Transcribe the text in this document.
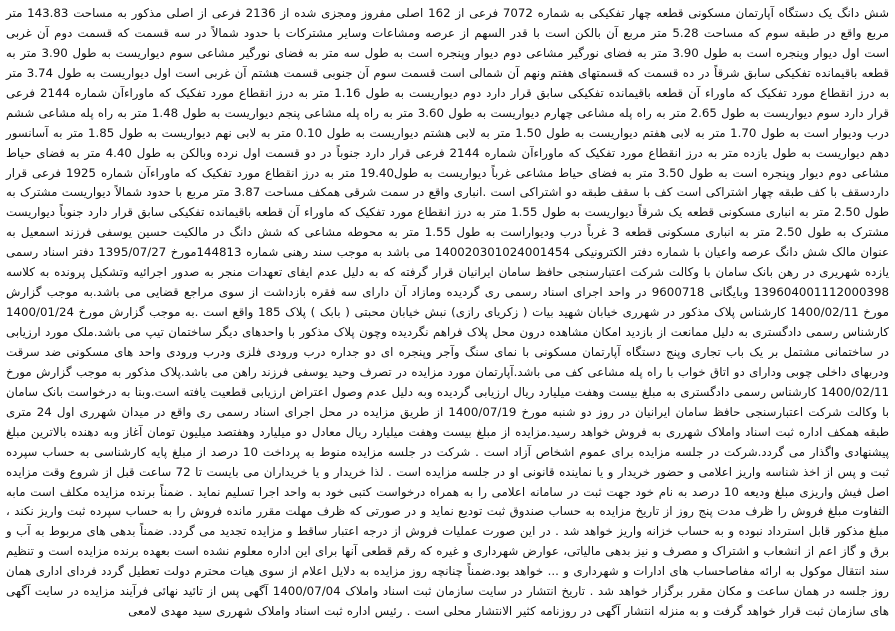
شش دانگ یک دستگاه آپارتمان مسکونی قطعه چهار تفکیکی به شماره 7072 فرعی از 162 اصلی مفروز ومجزی شده از 2136 فرعی از اصلی مذکور به مساحت 143.83 متر مربع واقع در طبقه سوم که مساحت 5.28 متر مربع آن بالکن است با قدر السهم از عرصه ومشاعات وسایر مشترکات با حدود شمالاً در سه قسمت که قسمت دوم آن غربی است اول دیوار وینجره است به طول 3.90 متر به فضای نورگیر مشاعی دوم دیوار وپنجره است به طول سه متر به فضای نورگیر مشاعی سوم دیواریست به طول 3.90 متر به قطعه باقیمانده تفکیکی سابق شرقاً در ده قسمت که قسمتهای هفتم ونهم آن شمالی است قسمت سوم آن جنوبی قسمت هشتم آن غربی است اول دیواریست به طول 3.74 متر به درز انقطاع مورد تفکیک که ماوراء آن قطعه باقیمانده تفکیکی سابق قرار دارد دوم دیواریست به طول 1.16 متر به درز انقطاع مورد تفکیک که ماوراءآن شماره 2144 فرعی قرار دارد سوم دیواریست به طول 2.65 متر به راه پله مشاعی چهارم دیواریست به طول 3.60 متر به راه پله مشاعی پنجم دیواریست به طول 1.48 متر به راه پله مشاعی ششم درب ودیوار است به طول 1.70 متر به لابی هفتم دیواریست به طول 1.50 متر به لابی هشتم دیواریست به طول 0.10 متر به لابی نهم دیواریست به طول 1.85 متر به آسانسور دهم دیواریست به طول یازده متر به درز انقطاع مورد تفکیک که ماوراءآن شماره 2144 فرعی قرار دارد جنوباً در دو قسمت اول نرده وبالکن به طول 4.40 متر به فضای حیاط مشاعی دوم دیوار وپنجره است به طول 3.50 متر به فضای حیاط مشاعی غرباً دیواریست به طول19.40 متر به درز انقطاع مورد تفکیک که ماوراءآن شماره 1925 فرعی قرار داردسقف با کف طبقه چهار اشتراکی است کف با سقف طبقه دو اشتراکی است .انباری واقع در سمت شرقی همکف مساحت 3.87 متر مربع با حدود شمالاً دیواریست مشترک به طول 2.50 متر به انباری مسکونی قطعه یک شرقاً دیواریست به طول 1.55 متر به درز انقطاع مورد تفکیک که ماوراء آن قطعه باقیمانده تفکیکی سابق قرار دارد جنوباً دیواریست مشترک به طول 2.50 متر به انباری مسکونی قطعه 3 غرباً درب ودیواراست به طول 1.55 متر به محوطه مشاعی که شش دانگ در مالکیت حسین یوسفی فرزند اسمعیل به عنوان مالک شش دانگ عرصه واعیان با شماره دفتر الکترونیکی 140020301024001454 می باشد به موجب سند رهنی شماره 144813مورخ 1395/07/27 دفتر اسناد رسمی یازده شهریری در رهن بانک سامان با وکالت شرکت اعتبارسنجی حافظ سامان ایرانیان قرار گرفته که به دلیل عدم ایفای تعهدات منجر به صدور اجرائیه وتشکیل پرونده به کلاسه 139604001112000398 وبایگانی 9600718 در واحد اجرای اسناد رسمی ری گردیده ومازاد آن دارای سه فقره بازداشت از سوی مراجع قضایی می باشد.به موجب گزارش مورخ 1400/02/11 کارشناس پلاک مذکور در شهرری خیابان شهید بیات ( زکریای رازی) نبش خیابان محبتی ( بابک ) پلاک 185 واقع است .به موجب گزارش مورخ 1400/01/24 کارشناس رسمی دادگستری به دلیل ممانعت از بازدید امکان مشاهده درون محل پلاک فراهم نگردیده وچون پلاک مذکور با واحدهای دیگر ساختمان تیپ می باشد.ملک مورد ارزیابی در ساختمانی مشتمل بر یک باب تجاری وپنج دستگاه آپارتمان مسکونی با نمای سنگ وآجر وپنجره ای دو جداره درب ورودی فلزی ودرب ورودی واحد های مسکونی ضد سرقت ودربهای داخلی چوبی ودارای دو اتاق خواب با راه پله مشاعی کف می باشد.آپارتمان مورد مزایده در تصرف وحید یوسفی فرزند راهن می باشد.پلاک مذکور به موجب گزارش مورخ 1400/02/11 کارشناس رسمی دادگستری به مبلغ بیست وهفت میلیارد ریال ارزیابی گردیده وبه دلیل عدم وصول اعتراض ارزیابی قطعیت یافته است.وبنا به درخواست بانک سامان با وکالت شرکت اعتبارسنجی حافظ سامان ایرانیان در روز دو شنبه مورخ 1400/07/19 از طریق مزایده در محل اجرای اسناد رسمی ری واقع در میدان شهرری اول 24 متری طبقه همکف اداره ثبت اسناد واملاک شهرری به فروش خواهد رسید.مزایده از مبلغ بیست وهفت میلیارد ریال معادل دو میلیارد وهفتصد میلیون تومان آغاز وبه دهنده بالاترین مبلغ پیشنهادی واگذار می گردد.شرکت در جلسه مزایده برای عموم اشخاص آزاد است . شرکت در جلسه مزایده منوط به پرداخت 10 درصد از مبلغ پایه کارشناسی به حساب سپرده ثبت و پس از اخذ شناسه واریز اعلامی و حضور خریدار و یا نماینده قانونی او در جلسه مزایده است . لذا خریدار و یا خریداران می بایست تا 72 ساعت قبل از شروع وقت مزایده اصل فیش واریزی مبلغ ودیعه 10 درصد به نام خود جهت ثبت در سامانه اعلامی را به همراه درخواست کتبی خود به واحد اجرا تسلیم نماید . ضمناً برنده مزایده مکلف است مابه التفاوت مبلغ فروش را ظرف مدت پنج روز از تاریخ مزایده به حساب صندوق ثبت تودیع نماید و در صورتی که ظرف مهلت مقرر مانده فروش را به حساب سپرده ثبت واریز نکند ، مبلغ مذکور قابل استرداد نبوده و به حساب خزانه واریز خواهد شد . در این صورت عملیات فروش از درجه اعتبار ساقط و مزایده تجدید می گردد. ضمناً بدهی های مربوط به آب و برق و گاز اعم از انشعاب و اشتراک و مصرف و نیز بدهی مالیاتی، عوارض شهرداری و غیره که رقم قطعی آنها برای این اداره معلوم نشده است بعهده برنده مزایده است و تنظیم سند انتقال موکول به ارائه مفاصاحساب های ادارات و شهرداری و ... خواهد بود.ضمناً چنانچه روز مزایده به دلایل اعلام از سوی هیات محترم دولت تعطیل گردد فردای اداری همان روز جلسه در همان ساعت و مکان مقرر برگزار خواهد شد . تاریخ انتشار در سایت سازمان ثبت اسناد واملاک 1400/07/04 آگهی پس از تائید نهائی فرآیند مزایده در سایت آگهی های سازمان ثبت قرار خواهد گرفت و به منزله انتشار آگهی در روزنامه کثیر الانتشار محلی است . رئیس اداره ثبت اسناد واملاک شهرری سید مهدی لامعی
